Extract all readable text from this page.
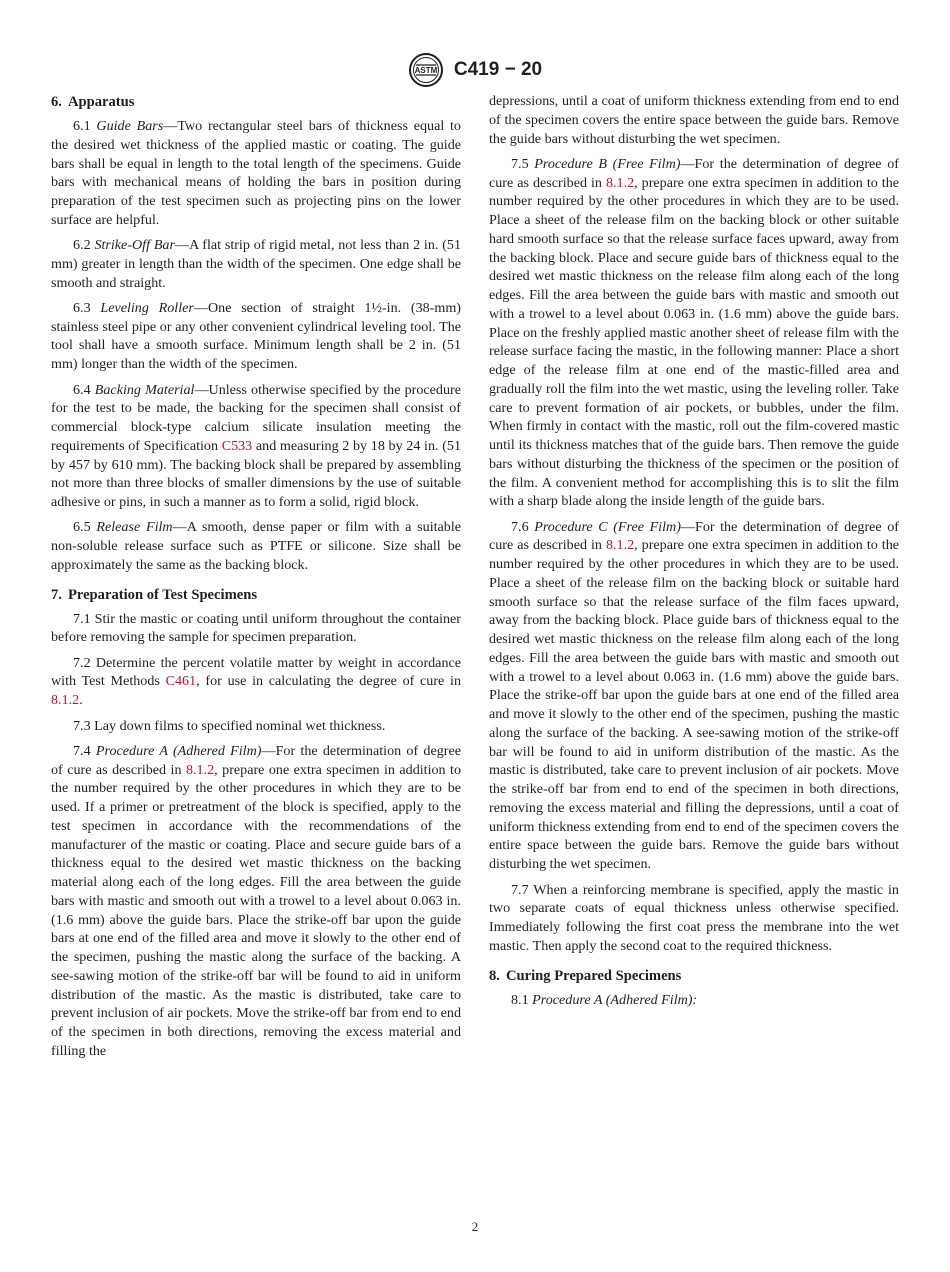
ASTM C419 − 20
6. Apparatus

6.1 Guide Bars—Two rectangular steel bars of thickness equal to the desired wet thickness of the applied mastic or coating. The guide bars shall be equal in length to the total length of the specimens. Guide bars with mechanical means of holding the bars in position during preparation of the test specimen such as projecting pins on the lower surface are helpful.

6.2 Strike-Off Bar—A flat strip of rigid metal, not less than 2 in. (51 mm) greater in length than the width of the specimen. One edge shall be smooth and straight.

6.3 Leveling Roller—One section of straight 1½-in. (38-mm) stainless steel pipe or any other convenient cylindrical leveling tool. The tool shall have a smooth surface. Minimum length shall be 2 in. (51 mm) longer than the width of the specimen.

6.4 Backing Material—Unless otherwise specified by the procedure for the test to be made, the backing for the specimen shall consist of commercial block-type calcium silicate insulation meeting the requirements of Specification C533 and measuring 2 by 18 by 24 in. (51 by 457 by 610 mm). The backing block shall be prepared by assembling not more than three blocks of smaller dimensions by the use of suitable adhesive or pins, in such a manner as to form a solid, rigid block.

6.5 Release Film—A smooth, dense paper or film with a suitable non-soluble release surface such as PTFE or silicone. Size shall be approximately the same as the backing block.

7. Preparation of Test Specimens

7.1 Stir the mastic or coating until uniform throughout the container before removing the sample for specimen preparation.

7.2 Determine the percent volatile matter by weight in accordance with Test Methods C461, for use in calculating the degree of cure in 8.1.2.

7.3 Lay down films to specified nominal wet thickness.

7.4 Procedure A (Adhered Film)—For the determination of degree of cure as described in 8.1.2, prepare one extra specimen in addition to the number required by the other procedures in which they are to be used. If a primer or pretreatment of the block is specified, apply to the test specimen in accordance with the recommendations of the manufacturer of the mastic or coating. Place and secure guide bars of a thickness equal to the desired wet mastic thickness on the backing material along each of the long edges. Fill the area between the guide bars with mastic and smooth out with a trowel to a level about 0.063 in. (1.6 mm) above the guide bars. Place the strike-off bar upon the guide bars at one end of the filled area and move it slowly to the other end of the specimen, pushing the mastic along the surface of the backing. A see-sawing motion of the strike-off bar will be found to aid in uniform distribution of the mastic. As the mastic is distributed, take care to prevent inclusion of air pockets. Move the strike-off bar from end to end of the specimen in both directions, removing the excess material and filling the

depressions, until a coat of uniform thickness extending from end to end of the specimen covers the entire space between the guide bars. Remove the guide bars without disturbing the wet specimen.

7.5 Procedure B (Free Film)—For the determination of degree of cure as described in 8.1.2, prepare one extra specimen in addition to the number required by the other procedures in which they are to be used. Place a sheet of the release film on the backing block or other suitable hard smooth surface so that the release surface faces upward, away from the backing block. Place and secure guide bars of thickness equal to the desired wet mastic thickness on the release film along each of the long edges. Fill the area between the guide bars with mastic and smooth out with a trowel to a level about 0.063 in. (1.6 mm) above the guide bars. Place on the freshly applied mastic another sheet of release film with the release surface facing the mastic, in the following manner: Place a short edge of the release film at one end of the mastic-filled area and gradually roll the film into the wet mastic, using the leveling roller. Take care to prevent formation of air pockets, or bubbles, under the film. When firmly in contact with the mastic, roll out the film-covered mastic until its thickness matches that of the guide bars. Then remove the guide bars without disturbing the thickness of the specimen or the position of the film. A convenient method for accomplishing this is to slit the film with a sharp blade along the inside length of the guide bars.

7.6 Procedure C (Free Film)—For the determination of degree of cure as described in 8.1.2, prepare one extra specimen in addition to the number required by the other procedures in which they are to be used. Place a sheet of the release film on the backing block or suitable hard smooth surface so that the release surface of the film faces upward, away from the backing block. Place guide bars of thickness equal to the desired wet mastic thickness on the release film along each of the long edges. Fill the area between the guide bars with mastic and smooth out with a trowel to a level about 0.063 in. (1.6 mm) above the guide bars. Place the strike-off bar upon the guide bars at one end of the filled area and move it slowly to the other end of the specimen, pushing the mastic along the surface of the backing. A see-sawing motion of the strike-off bar will be found to aid in uniform distribution of the mastic. As the mastic is distributed, take care to prevent inclusion of air pockets. Move the strike-off bar from end to end of the specimen in both directions, removing the excess material and filling the depressions, until a coat of uniform thickness extending from end to end of the specimen covers the entire space between the guide bars. Remove the guide bars without disturbing the wet specimen.

7.7 When a reinforcing membrane is specified, apply the mastic in two separate coats of equal thickness unless otherwise specified. Immediately following the first coat press the membrane into the wet mastic. Then apply the second coat to the required thickness.

8. Curing Prepared Specimens

8.1 Procedure A (Adhered Film):

2
